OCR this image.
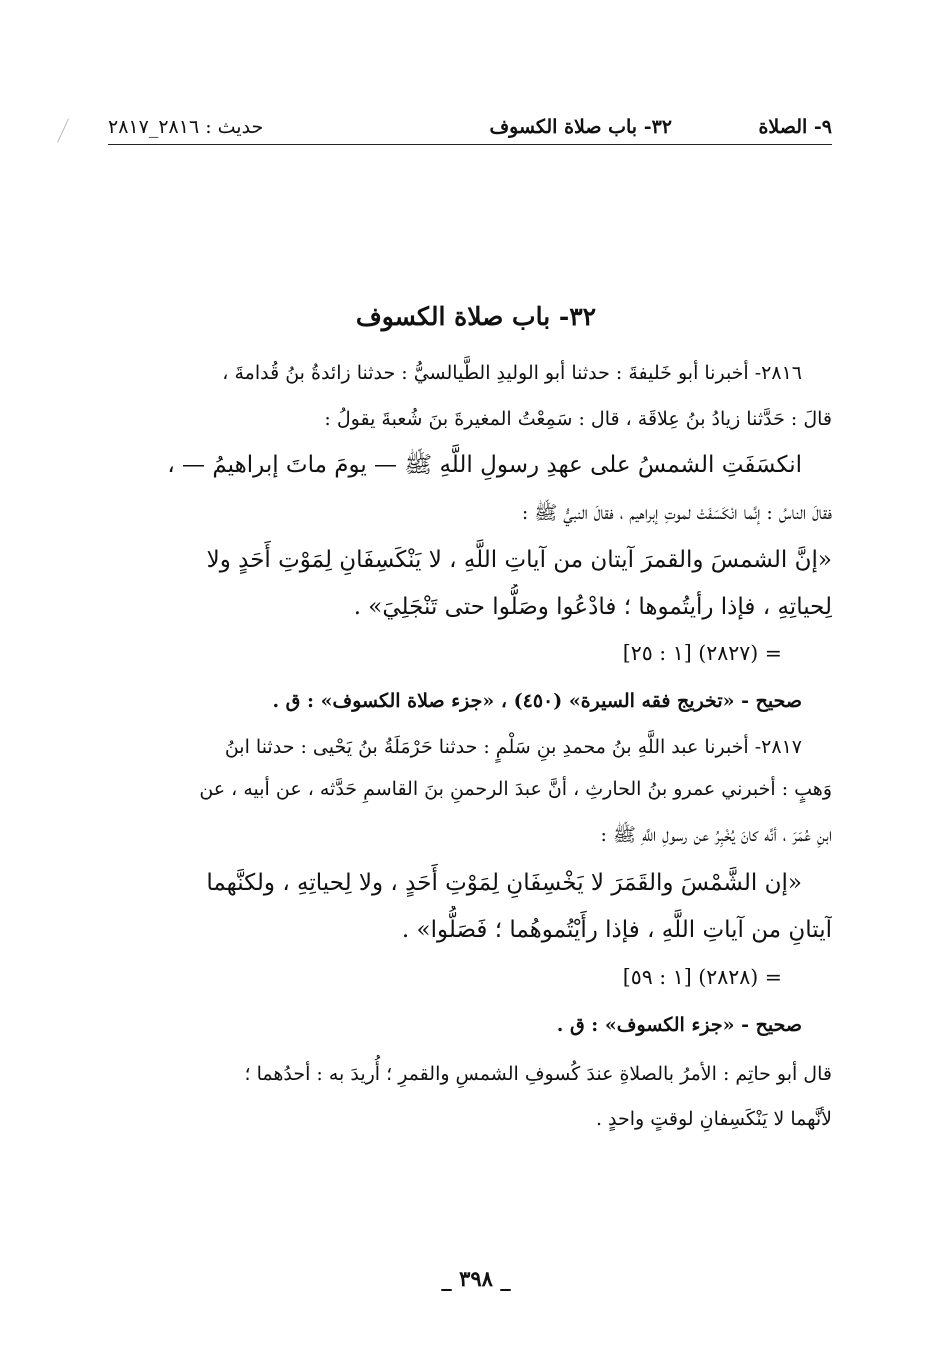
٩- الصلاة
٣٢- باب صلاة الكسوف
حديث : ٢٨١٦_٢٨١٧
٣٢- باب صلاة الكسوف

٢٨١٦- أخبرنا أبو خَليفةَ : حدثنا أبو الوليدِ الطَّيالسيُّ : حدثنا زائدةُ بنُ قُدامةَ ،

قالَ : حَدَّثنا زيادُ بنُ عِلاقَة ، قال : سَمِعْتُ المغيرةَ بنَ شُعبةَ يقولُ :

انكسَفَتِ الشمسُ على عهدِ رسولِ اللَّهِ ﷺ — يومَ ماتَ إبراهيمُ — ،

فقالَ الناسُ : إنَّما انْكَسَفَتْ لموتِ إبراهيم ، فقالَ النبيُّ ﷺ :

«إنَّ الشمسَ والقمرَ آيتان من آياتِ اللَّهِ ، لا يَنْكَسِفَانِ لِمَوْتِ أَحَدٍ ولا

لِحياتِهِ ، فإذا رأيتُموها ؛ فادْعُوا وصَلُّوا حتى تَنْجَلِيَ» .

= (٢٨٢٧) [١ : ٢٥]

صحيح - «تخريج فقه السيرة» (٤٥٠) ، «جزء صلاة الكسوف» : ق .

٢٨١٧- أخبرنا عبد اللَّهِ بنُ محمدِ بنِ سَلْمٍ : حدثنا حَرْمَلَةُ بنُ يَحْيى : حدثنا ابنُ

وَهبٍ : أخبرني عمرو بنُ الحارثِ ، أنَّ عبدَ الرحمنِ بنَ القاسمِ حَدَّثه ، عن أبيه ، عن

ابنِ عُمَرَ ، أنَّه كانَ يُخْبِرُ عن رسولِ اللَّهِ ﷺ :

«إن الشَّمْسَ والقَمَرَ لا يَخْسِفَانِ لِمَوْتِ أَحَدٍ ، ولا لِحياتِهِ ، ولكنَّهما

آيتانِ من آياتِ اللَّهِ ، فإذا رأَيْتُموهُما ؛ فَصَلُّوا» .

= (٢٨٢٨) [١ : ٥٩]

صحيح - «جزء الكسوف» : ق .

قال أبو حاتِم : الأمرُ بالصلاةِ عندَ كُسوفِ الشمسِ والقمرِ ؛ أُريدَ به : أحدُهما ؛

لأنَّهما لا يَنْكَسِفانِ لوقتٍ واحدٍ .

_ ٣٩٨ _
